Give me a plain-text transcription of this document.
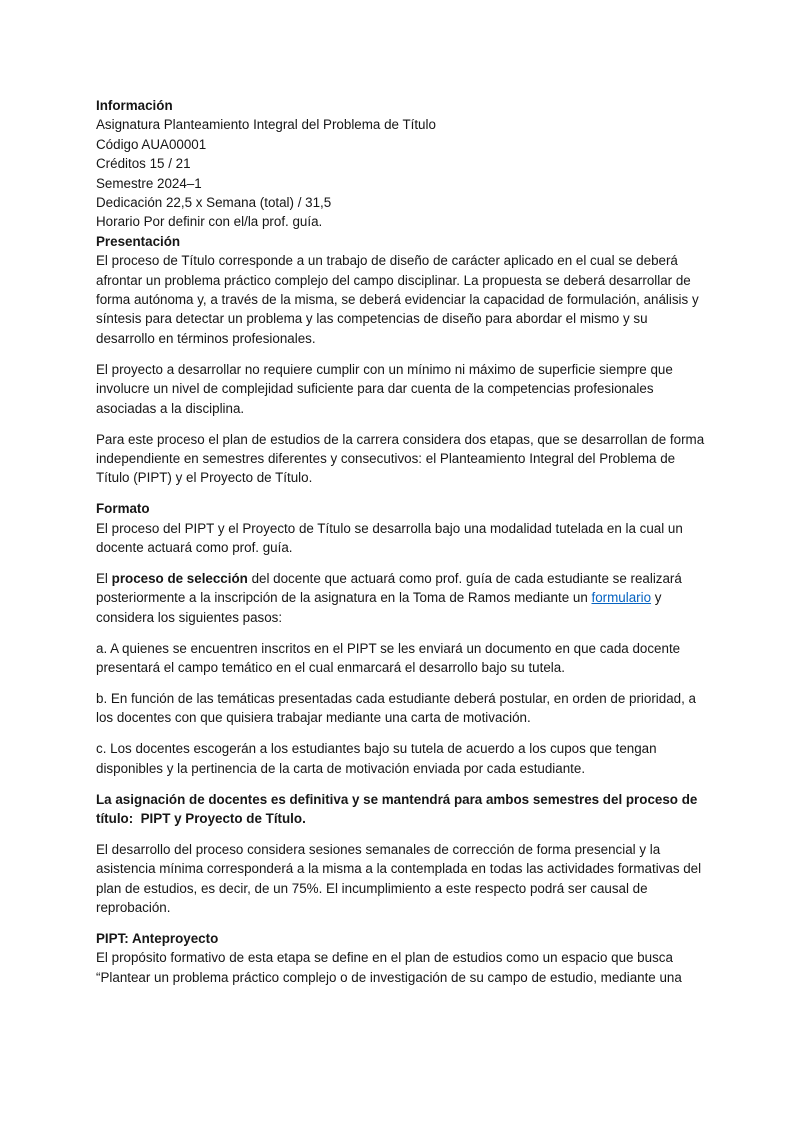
Información
Asignatura Planteamiento Integral del Problema de Título
Código AUA00001
Créditos 15 / 21
Semestre 2024–1
Dedicación 22,5 x Semana (total) / 31,5
Horario Por definir con el/la prof. guía.
Presentación

El proceso de Título corresponde a un trabajo de diseño de carácter aplicado en el cual se deberá afrontar un problema práctico complejo del campo disciplinar. La propuesta se deberá desarrollar de forma autónoma y, a través de la misma, se deberá evidenciar la capacidad de formulación, análisis y síntesis para detectar un problema y las competencias de diseño para abordar el mismo y su desarrollo en términos profesionales.

El proyecto a desarrollar no requiere cumplir con un mínimo ni máximo de superficie siempre que involucre un nivel de complejidad suficiente para dar cuenta de la competencias profesionales asociadas a la disciplina.

Para este proceso el plan de estudios de la carrera considera dos etapas, que se desarrollan de forma independiente en semestres diferentes y consecutivos: el Planteamiento Integral del Problema de Título (PIPT) y el Proyecto de Título.

Formato

El proceso del PIPT y el Proyecto de Título se desarrolla bajo una modalidad tutelada en la cual un docente actuará como prof. guía.

El proceso de selección del docente que actuará como prof. guía de cada estudiante se realizará  posteriormente a la inscripción de la asignatura en la Toma de Ramos mediante un formulario y  considera los siguientes pasos:

a. A quienes se encuentren inscritos en el PIPT se les enviará un documento en que cada docente presentará el campo temático en el cual enmarcará el desarrollo bajo su tutela.

b. En función de las temáticas presentadas cada estudiante deberá postular, en orden de prioridad, a los docentes con que quisiera trabajar mediante una carta de motivación.

c. Los docentes escogerán a los estudiantes bajo su tutela de acuerdo a los cupos que tengan disponibles y la pertinencia de la carta de motivación enviada por cada estudiante.

La asignación de docentes es definitiva y se mantendrá para ambos semestres del proceso de título:  PIPT y Proyecto de Título.

El desarrollo del proceso considera sesiones semanales de corrección de forma presencial y la asistencia mínima corresponderá a la misma a la contemplada en todas las actividades formativas del plan de estudios, es decir, de un 75%. El incumplimiento a este respecto podrá ser causal de reprobación.

PIPT: Anteproyecto

El propósito formativo de esta etapa se define en el plan de estudios como un espacio que busca “Plantear un problema práctico complejo o de investigación de su campo de estudio, mediante una
